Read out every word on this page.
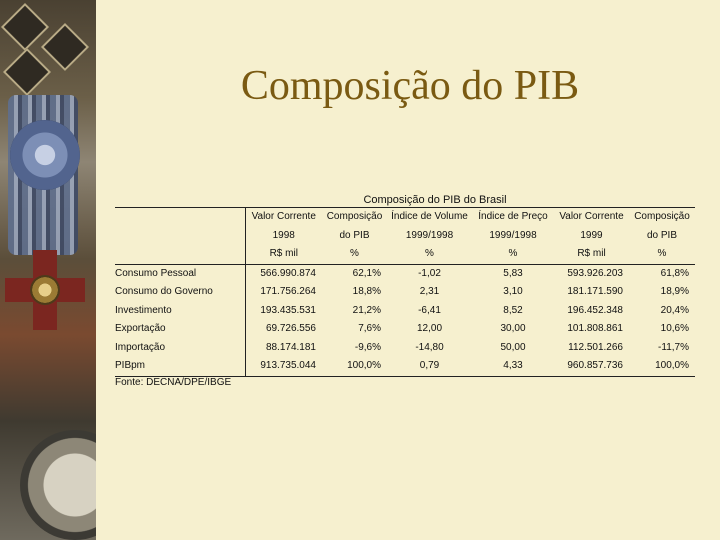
Composição do PIB
Composição do PIB do Brasil
	Valor Corrente	Composição	Índice de Volume	Índice de Preço	Valor Corrente	Composição
	1998	do PIB	1999/1998	1999/1998	1999	do PIB
	R$ mil	%	%	%	R$ mil	%
Consumo Pessoal	566.990.874	62,1%	-1,02	5,83	593.926.203	61,8%
Consumo do Governo	171.756.264	18,8%	2,31	3,10	181.171.590	18,9%
Investimento	193.435.531	21,2%	-6,41	8,52	196.452.348	20,4%
Exportação	69.726.556	7,6%	12,00	30,00	101.808.861	10,6%
Importação	88.174.181	-9,6%	-14,80	50,00	112.501.266	-11,7%
PIBpm	913.735.044	100,0%	0,79	4,33	960.857.736	100,0%
Fonte: DECNA/DPE/IBGE
